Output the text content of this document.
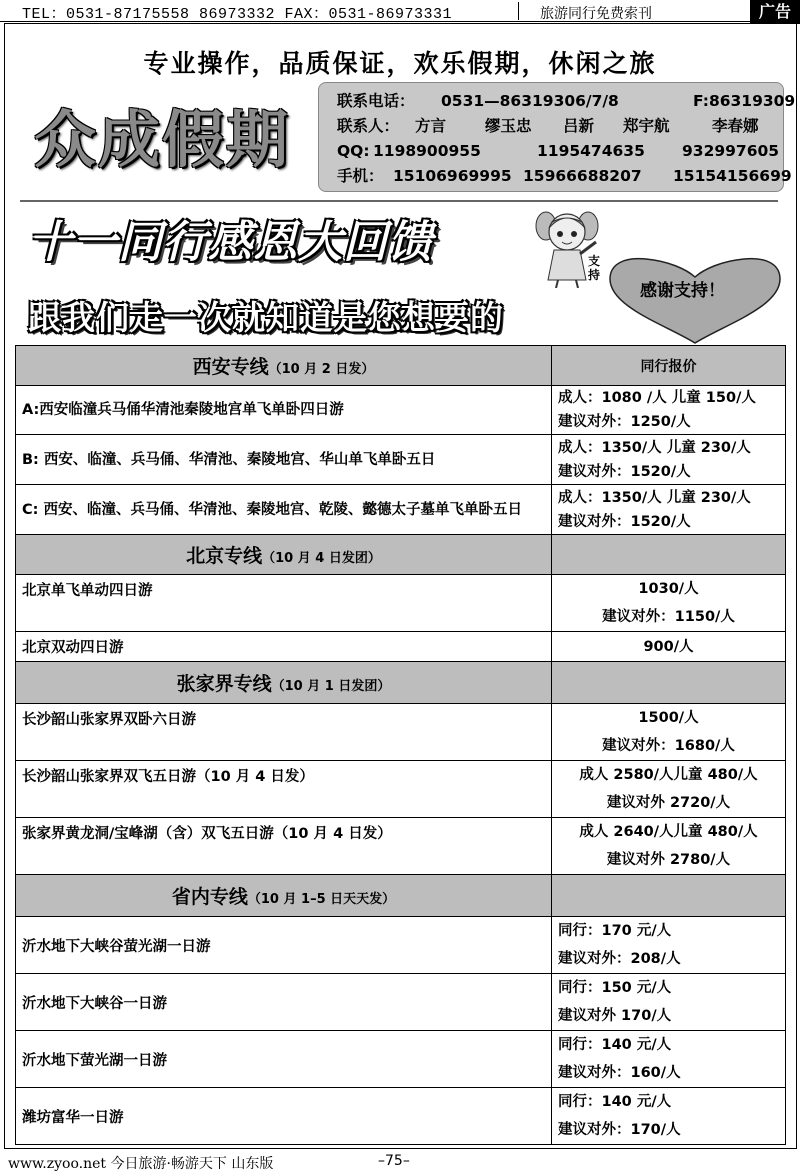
TEL：0531-87175558 86973332 FAX：0531-86973331	旅游同行免费索刊	广告
专业操作，品质保证，欢乐假期，休闲之旅
众成假期
联系电话： 0531—86319306/7/8	F:86319309
联系人： 方言	缪玉忠 吕新 郑宇航	李春娜
QQ: 1198900955	1195474635 932997605
手机： 15106969995 15966688207 15154156699
十一同行感恩大回馈	支持
感谢支持！
跟我们走一次就知道是您想要的
西安专线（10 月 2 日发）	同行报价
A:西安临潼兵马俑华清池秦陵地宫单飞单卧四日游	成人：1080 /人 儿童 150/人
建议对外：1250/人

B: 西安、临潼、兵马俑、华清池、秦陵地宫、华山单飞单卧五日	成人：1350/人 儿童 230/人
建议对外：1520/人

C: 西安、临潼、兵马俑、华清池、秦陵地宫、乾陵、懿德太子墓单飞单卧五日	成人：1350/人 儿童 230/人
建议对外：1520/人

北京专线（10 月 4 日发团）	
北京单飞单动四日游	1030/人
建议对外：1150/人

北京双动四日游	900/人

张家界专线（10 月 1 日发团）	
长沙韶山张家界双卧六日游	1500/人
建议对外：1680/人

长沙韶山张家界双飞五日游（10 月 4 日发）	成人 2580/人儿童 480/人
建议对外 2720/人

张家界黄龙洞/宝峰湖（含）双飞五日游（10 月 4 日发）	成人 2640/人儿童 480/人
建议对外 2780/人

省内专线（10 月 1–5 日天天发）	
沂水地下大峡谷萤光湖一日游	同行：170 元/人
建议对外：208/人

沂水地下大峡谷一日游	同行：150 元/人
建议对外 170/人

沂水地下萤光湖一日游	同行：140 元/人
建议对外：160/人

潍坊富华一日游	同行：140 元/人
建议对外：170/人
www.zyoo.net 今日旅游·畅游天下 山东版	–75–
